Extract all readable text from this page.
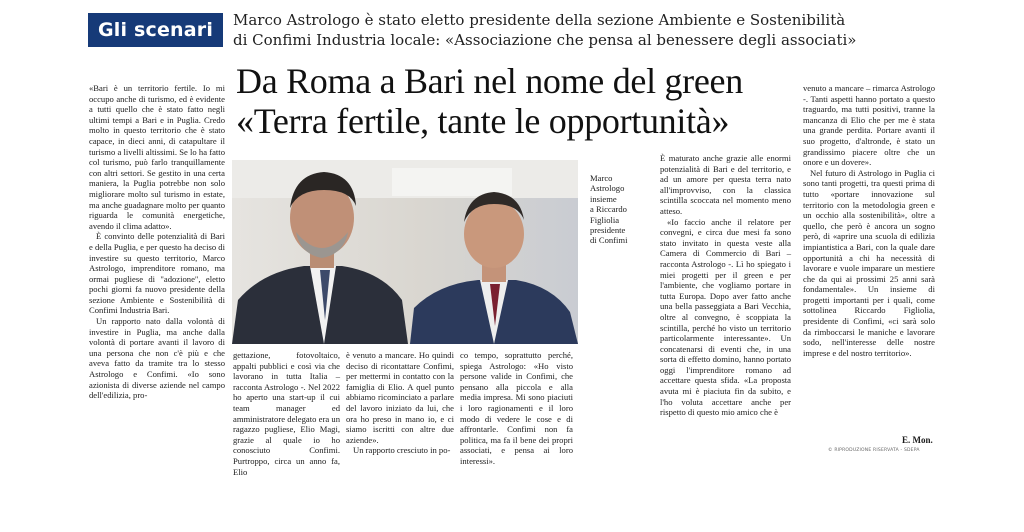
Gli scenari	Marco Astrologo è stato eletto presidente della sezione Ambiente e Sostenibilità
di Confimi Industria locale: «Associazione che pensa al benessere degli associati»
Da Roma a Bari nel nome del green
«Terra fertile, tante le opportunità»

«Bari è un territorio fertile. Io mi occupo anche di turismo, ed è evidente a tutti quello che è stato fatto negli ultimi tempi a Bari e in Puglia. Credo molto in questo territorio che è stato capace, in dieci anni, di catapultare il turismo a livelli altissimi. Se lo ha fatto col turismo, può farlo tranquillamente con altri settori. Se gestito in una certa maniera, la Puglia potrebbe non solo migliorare molto sul turismo in estate, ma anche guadagnare molto per quanto riguarda le comunità energetiche, avendo il clima adatto».

È convinto delle potenzialità di Bari e della Puglia, e per questo ha deciso di investire su questo territorio, Marco Astrologo, imprenditore romano, ma ormai pugliese di "adozione", eletto pochi giorni fa nuovo presidente della sezione Ambiente e Sostenibilità di Confimi Industria Bari.

Un rapporto nato dalla volontà di investire in Puglia, ma anche dalla volontà di portare avanti il lavoro di una persona che non c'è più e che aveva fatto da tramite tra lo stesso Astrologo e Confimi. «Io sono azionista di diverse aziende nel campo dell'edilizia, pro-

Marco
Astrologo
insieme
a Riccardo
Figliolia
presidente
di Confimi

gettazione, fotovoltaico, appalti pubblici e così via che lavorano in tutta Italia – racconta Astrologo -. Nel 2022 ho aperto una start-up il cui team manager ed amministratore delegato era un ragazzo pugliese, Elio Magi, grazie al quale io ho conosciuto Confimi. Purtroppo, circa un anno fa, Elio

è venuto a mancare. Ho quindi deciso di ricontattare Confimi, per mettermi in contatto con la famiglia di Elio. A quel punto abbiamo ricominciato a parlare del lavoro iniziato da lui, che ora ho preso in mano io, e ci siamo iscritti con altre due aziende».

Un rapporto cresciuto in po-

co tempo, soprattutto perché, spiega Astrologo: «Ho visto persone valide in Confimi, che pensano alla piccola e alla media impresa. Mi sono piaciuti i loro ragionamenti e il loro modo di vedere le cose e di affrontarle. Confimi non fa politica, ma fa il bene dei propri associati, e pensa ai loro interessi».

È maturato anche grazie alle enormi potenzialità di Bari e del territorio, e ad un amore per questa terra nato all'improvviso, con la classica scintilla scoccata nel momento meno atteso.

«Io faccio anche il relatore per convegni, e circa due mesi fa sono stato invitato in questa veste alla Camera di Commercio di Bari – racconta Astrologo -. Lì ho spiegato i miei progetti per il green e per l'ambiente, che vogliamo portare in tutta Europa. Dopo aver fatto anche una bella passeggiata a Bari Vecchia, oltre al convegno, è scoppiata la scintilla, perché ho visto un territorio particolarmente interessante». Un concatenarsi di eventi che, in una sorta di effetto domino, hanno portato oggi l'imprenditore romano ad accettare questa sfida. «La proposta avuta mi è piaciuta fin da subito, e l'ho voluta accettare anche per rispetto di questo mio amico che è

venuto a mancare – rimarca Astrologo -. Tanti aspetti hanno portato a questo traguardo, ma tutti positivi, tranne la mancanza di Elio che per me è stata una grande perdita. Portare avanti il suo progetto, d'altronde, è stato un grandissimo piacere oltre che un onore e un dovere».

Nel futuro di Astrologo in Puglia ci sono tanti progetti, tra questi prima di tutto «portare innovazione sul territorio con la metodologia green e un occhio alla sostenibilità», oltre a quello, che però è ancora un sogno però, di «aprire una scuola di edilizia impiantistica a Bari, con la quale dare opportunità a chi ha necessità di lavorare e vuole imparare un mestiere che da qui ai prossimi 25 anni sarà fondamentale». Un insieme di progetti importanti per i quali, come sottolinea Riccardo Figliolia, presidente di Confimi, «ci sarà solo da rimboccarsi le maniche e lavorare sodo, nell'interesse delle nostre imprese e del nostro territorio».

E. Mon.
© RIPRODUZIONE RISERVATA - SDEPA
